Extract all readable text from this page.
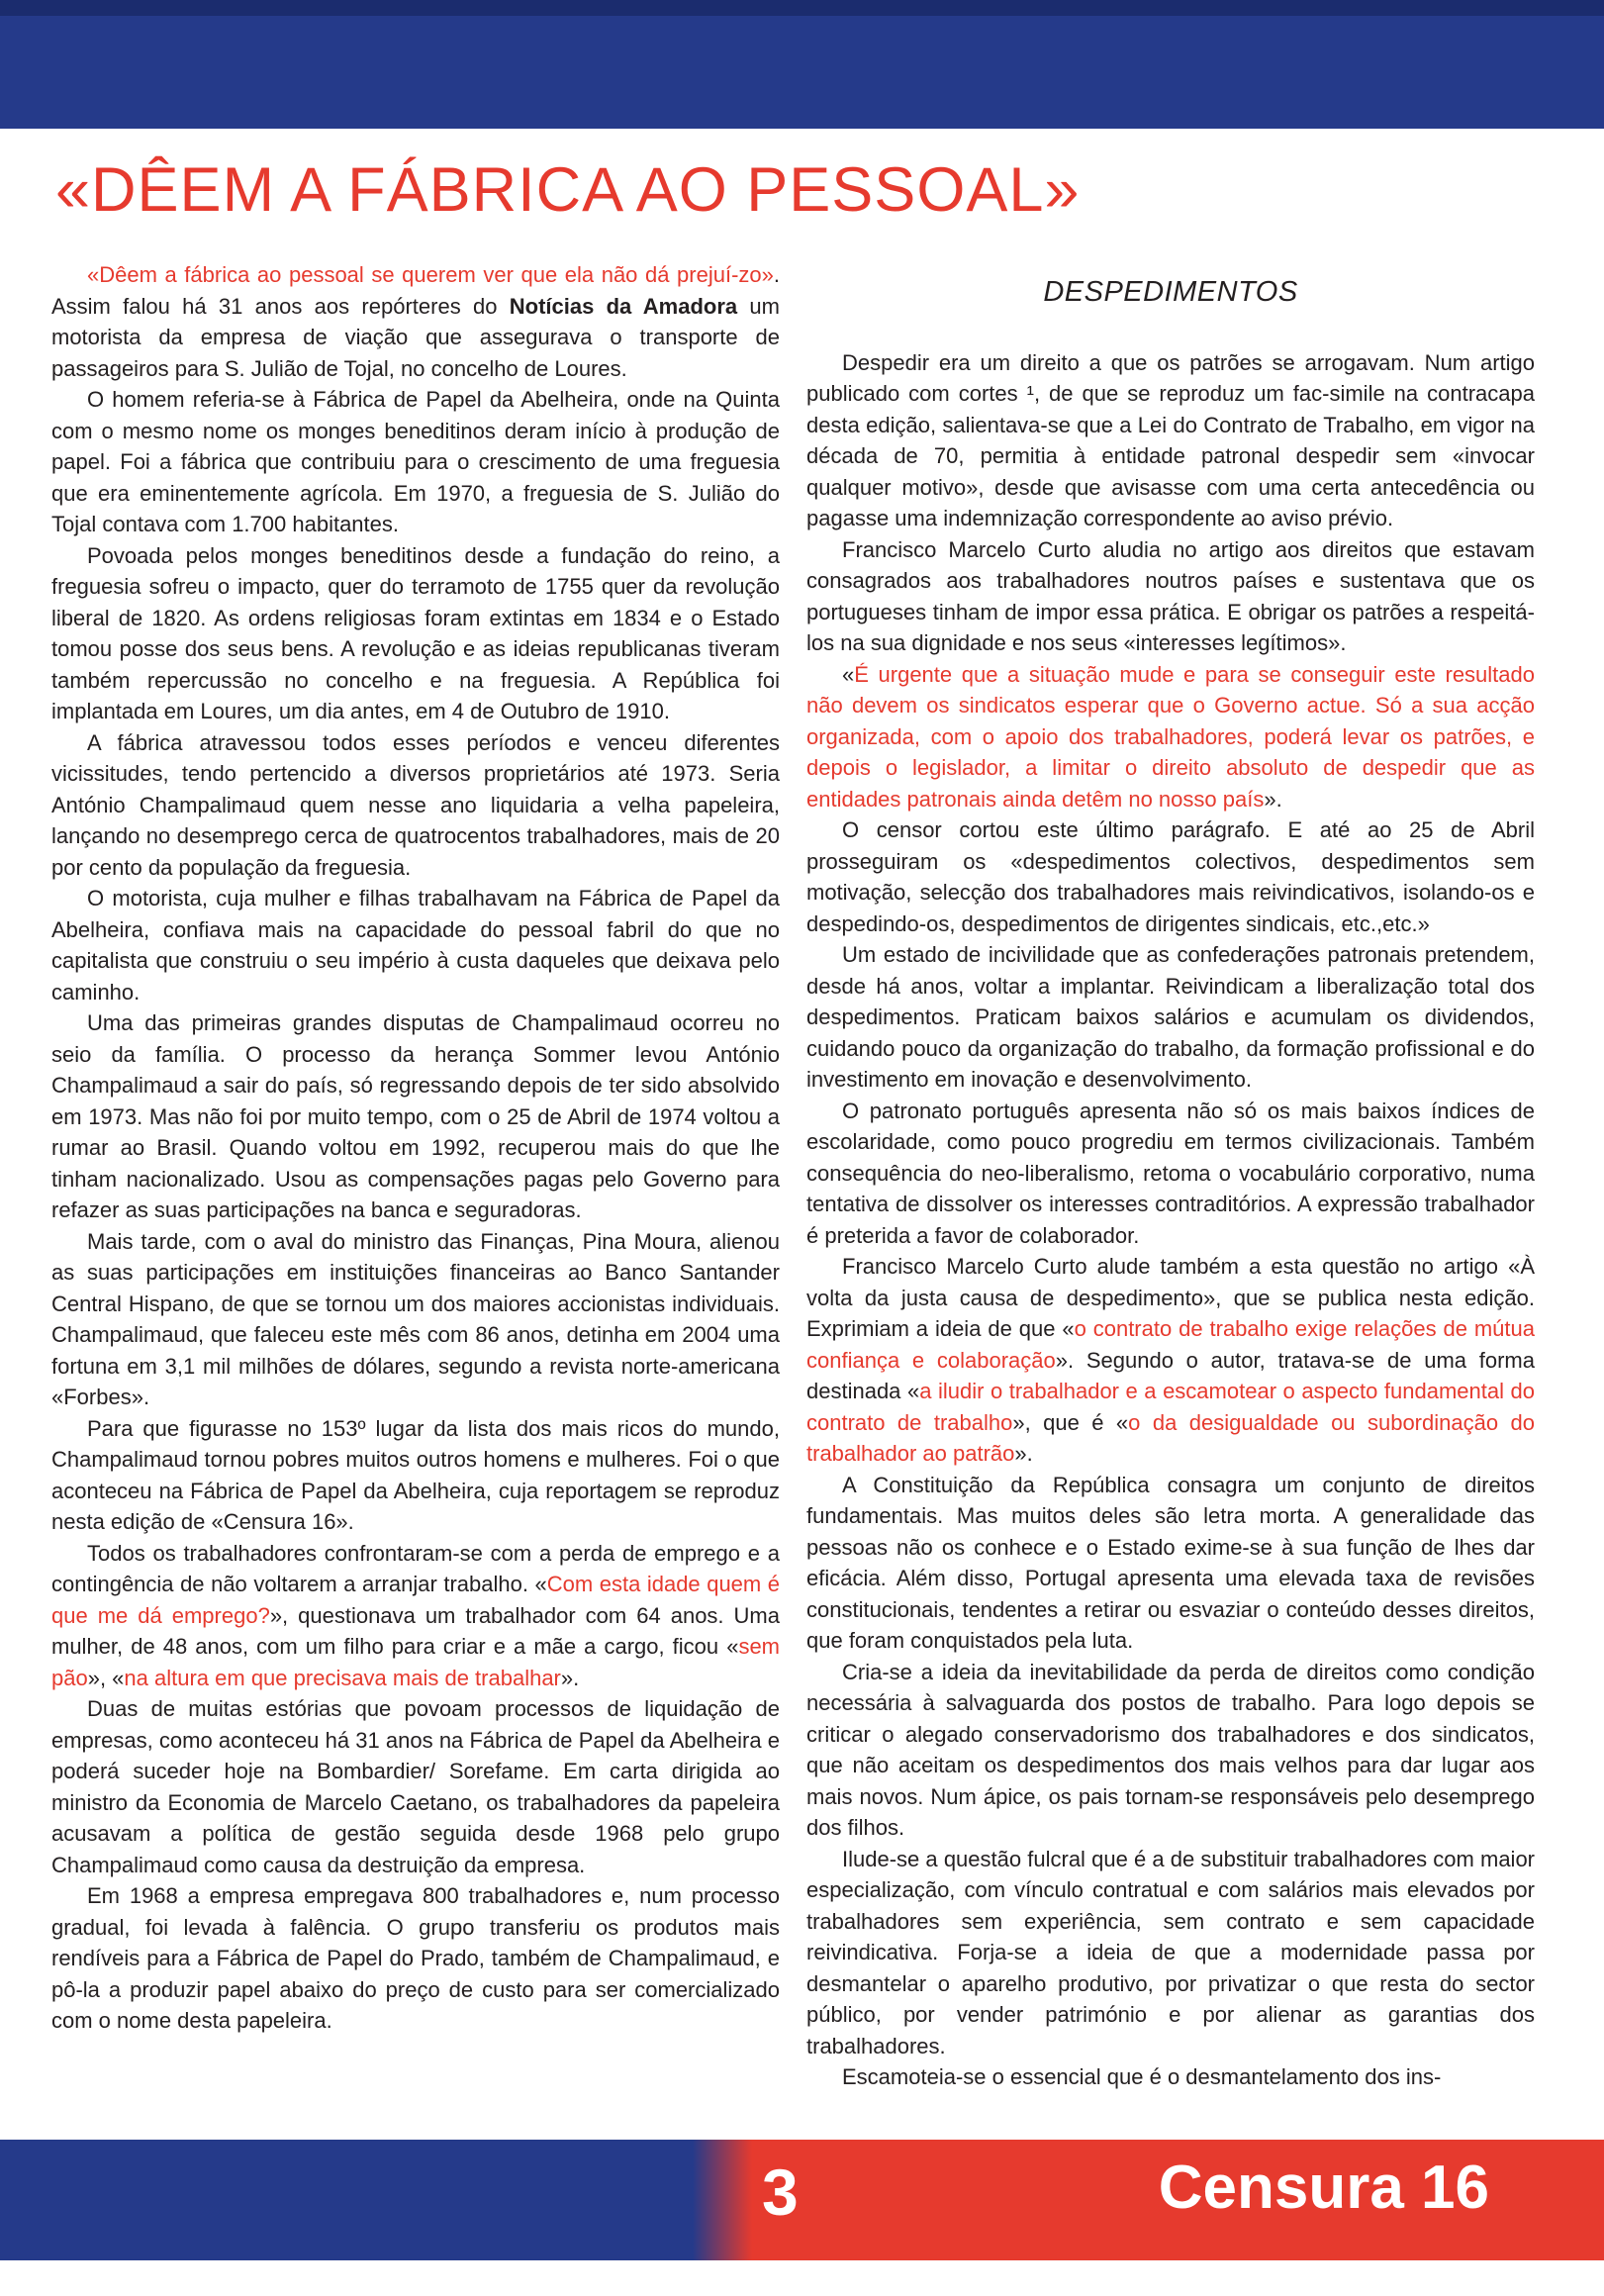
«DÊEM A FÁBRICA AO PESSOAL»

«Dêem a fábrica ao pessoal se querem ver que ela não dá prejuí-zo». Assim falou há 31 anos aos repórteres do Notícias da Amadora um motorista da empresa de viação que assegurava o transporte de passageiros para S. Julião de Tojal, no concelho de Loures.

O homem referia-se à Fábrica de Papel da Abelheira, onde na Quinta com o mesmo nome os monges beneditinos deram início à produção de papel. Foi a fábrica que contribuiu para o crescimento de uma freguesia que era eminentemente agrícola. Em 1970, a freguesia de S. Julião do Tojal contava com 1.700 habitantes.

Povoada pelos monges beneditinos desde a fundação do reino, a freguesia sofreu o impacto, quer do terramoto de 1755 quer da revolução liberal de 1820. As ordens religiosas foram extintas em 1834 e o Estado tomou posse dos seus bens. A revolução e as ideias republicanas tiveram também repercussão no concelho e na freguesia. A República foi implantada em Loures, um dia antes, em 4 de Outubro de 1910.

A fábrica atravessou todos esses períodos e venceu diferentes vicissitudes, tendo pertencido a diversos proprietários até 1973. Seria António Champalimaud quem nesse ano liquidaria a velha papeleira, lançando no desemprego cerca de quatrocentos trabalhadores, mais de 20 por cento da população da freguesia.

O motorista, cuja mulher e filhas trabalhavam na Fábrica de Papel da Abelheira, confiava mais na capacidade do pessoal fabril do que no capitalista que construiu o seu império à custa daqueles que deixava pelo caminho.

Uma das primeiras grandes disputas de Champalimaud ocorreu no seio da família. O processo da herança Sommer levou António Champalimaud a sair do país, só regressando depois de ter sido absolvido em 1973. Mas não foi por muito tempo, com o 25 de Abril de 1974 voltou a rumar ao Brasil. Quando voltou em 1992, recuperou mais do que lhe tinham nacionalizado. Usou as compensações pagas pelo Governo para refazer as suas participações na banca e seguradoras.

Mais tarde, com o aval do ministro das Finanças, Pina Moura, alienou as suas participações em instituições financeiras ao Banco Santander Central Hispano, de que se tornou um dos maiores accionistas individuais. Champalimaud, que faleceu este mês com 86 anos, detinha em 2004 uma fortuna em 3,1 mil milhões de dólares, segundo a revista norte-americana «Forbes».

Para que figurasse no 153º lugar da lista dos mais ricos do mundo, Champalimaud tornou pobres muitos outros homens e mulheres. Foi o que aconteceu na Fábrica de Papel da Abelheira, cuja reportagem se reproduz nesta edição de «Censura 16».

Todos os trabalhadores confrontaram-se com a perda de emprego e a contingência de não voltarem a arranjar trabalho. «Com esta idade quem é que me dá emprego?», questionava um trabalhador com 64 anos. Uma mulher, de 48 anos, com um filho para criar e a mãe a cargo, ficou «sem pão», «na altura em que precisava mais de trabalhar».

Duas de muitas estórias que povoam processos de liquidação de empresas, como aconteceu há 31 anos na Fábrica de Papel da Abelheira e poderá suceder hoje na Bombardier/ Sorefame. Em carta dirigida ao ministro da Economia de Marcelo Caetano, os trabalhadores da papeleira acusavam a política de gestão seguida desde 1968 pelo grupo Champalimaud como causa da destruição da empresa.

Em 1968 a empresa empregava 800 trabalhadores e, num processo gradual, foi levada à falência. O grupo transferiu os produtos mais rendíveis para a Fábrica de Papel do Prado, também de Champalimaud, e pô-la a produzir papel abaixo do preço de custo para ser comercializado com o nome desta papeleira.

DESPEDIMENTOS

Despedir era um direito a que os patrões se arrogavam. Num artigo publicado com cortes ¹, de que se reproduz um fac-simile na contracapa desta edição, salientava-se que a Lei do Contrato de Trabalho, em vigor na década de 70, permitia à entidade patronal despedir sem «invocar qualquer motivo», desde que avisasse com uma certa antecedência ou pagasse uma indemnização correspondente ao aviso prévio.

Francisco Marcelo Curto aludia no artigo aos direitos que estavam consagrados aos trabalhadores noutros países e sustentava que os portugueses tinham de impor essa prática. E obrigar os patrões a respeitá-los na sua dignidade e nos seus «interesses legítimos».

«É urgente que a situação mude e para se conseguir este resultado não devem os sindicatos esperar que o Governo actue. Só a sua acção organizada, com o apoio dos trabalhadores, poderá levar os patrões, e depois o legislador, a limitar o direito absoluto de despedir que as entidades patronais ainda detêm no nosso país».

O censor cortou este último parágrafo. E até ao 25 de Abril prosseguiram os «despedimentos colectivos, despedimentos sem motivação, selecção dos trabalhadores mais reivindicativos, isolando-os e despedindo-os, despedimentos de dirigentes sindicais, etc.,etc.»

Um estado de incivilidade que as confederações patronais pretendem, desde há anos, voltar a implantar. Reivindicam a liberalização total dos despedimentos. Praticam baixos salários e acumulam os dividendos, cuidando pouco da organização do trabalho, da formação profissional e do investimento em inovação e desenvolvimento.

O patronato português apresenta não só os mais baixos índices de escolaridade, como pouco progrediu em termos civilizacionais. Também consequência do neo-liberalismo, retoma o vocabulário corporativo, numa tentativa de dissolver os interesses contraditórios. A expressão trabalhador é preterida a favor de colaborador.

Francisco Marcelo Curto alude também a esta questão no artigo «À volta da justa causa de despedimento», que se publica nesta edição. Exprimiam a ideia de que «o contrato de trabalho exige relações de mútua confiança e colaboração». Segundo o autor, tratava-se de uma forma destinada «a iludir o trabalhador e a escamotear o aspecto fundamental do contrato de trabalho», que é «o da desigualdade ou subordinação do trabalhador ao patrão».

A Constituição da República consagra um conjunto de direitos fundamentais. Mas muitos deles são letra morta. A generalidade das pessoas não os conhece e o Estado exime-se à sua função de lhes dar eficácia. Além disso, Portugal apresenta uma elevada taxa de revisões constitucionais, tendentes a retirar ou esvaziar o conteúdo desses direitos, que foram conquistados pela luta.

Cria-se a ideia da inevitabilidade da perda de direitos como condição necessária à salvaguarda dos postos de trabalho. Para logo depois se criticar o alegado conservadorismo dos trabalhadores e dos sindicatos, que não aceitam os despedimentos dos mais velhos para dar lugar aos mais novos. Num ápice, os pais tornam-se responsáveis pelo desemprego dos filhos.

Ilude-se a questão fulcral que é a de substituir trabalhadores com maior especialização, com vínculo contratual e com salários mais elevados por trabalhadores sem experiência, sem contrato e sem capacidade reivindicativa. Forja-se a ideia de que a modernidade passa por desmantelar o aparelho produtivo, por privatizar o que resta do sector público, por vender património e por alienar as garantias dos trabalhadores.

Escamoteia-se o essencial que é o desmantelamento dos ins-

3	Censura 16
